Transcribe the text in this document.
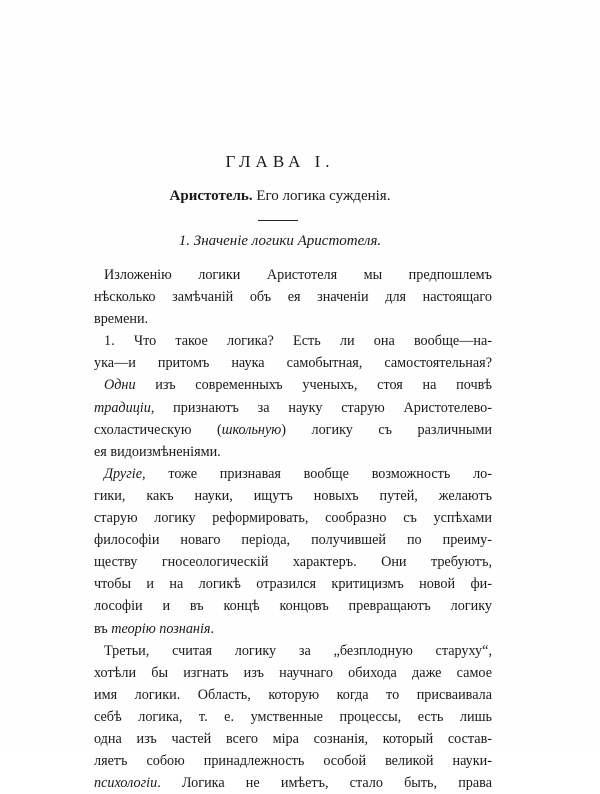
ГЛАВА I.
Аристотель. Его логика сужденія.
1. Значеніе логики Аристотеля.
Изложенію логики Аристотеля мы предпошлемъ
нѣсколько замѣчаній объ ея значеніи для настоящаго
времени.
1. Что такое логика? Есть ли она вообще—на-
ука—и притомъ наука самобытная, самостоятельная?
Одни изъ современныхъ ученыхъ, стоя на почвѣ
традиціи, признаютъ за науку старую Аристотелево-
схоластическую (школьную) логику съ различными
ея видоизмѣненіями.
Другіе, тоже признавая вообще возможность ло-
гики, какъ науки, ищутъ новыхъ путей, желаютъ
старую логику реформировать, сообразно съ успѣхами
философіи новаго періода, получившей по преиму-
ществу гносеологическій характеръ. Они требуютъ,
чтобы и на логикѣ отразился критицизмъ новой фи-
лософіи и въ концѣ концовъ превращаютъ логику
въ теорію познанія.
Третьи, считая логику за „безплодную старуху“,
хотѣли бы изгнать изъ научнаго обихода даже самое
имя логики. Область, которую когда то присваивала
себѣ логика, т. е. умственные процессы, есть лишь
одна изъ частей всего міра сознанія, который состав-
ляетъ собою принадлежность особой великой науки-
психологіи. Логика не имѣетъ, стало быть, права
